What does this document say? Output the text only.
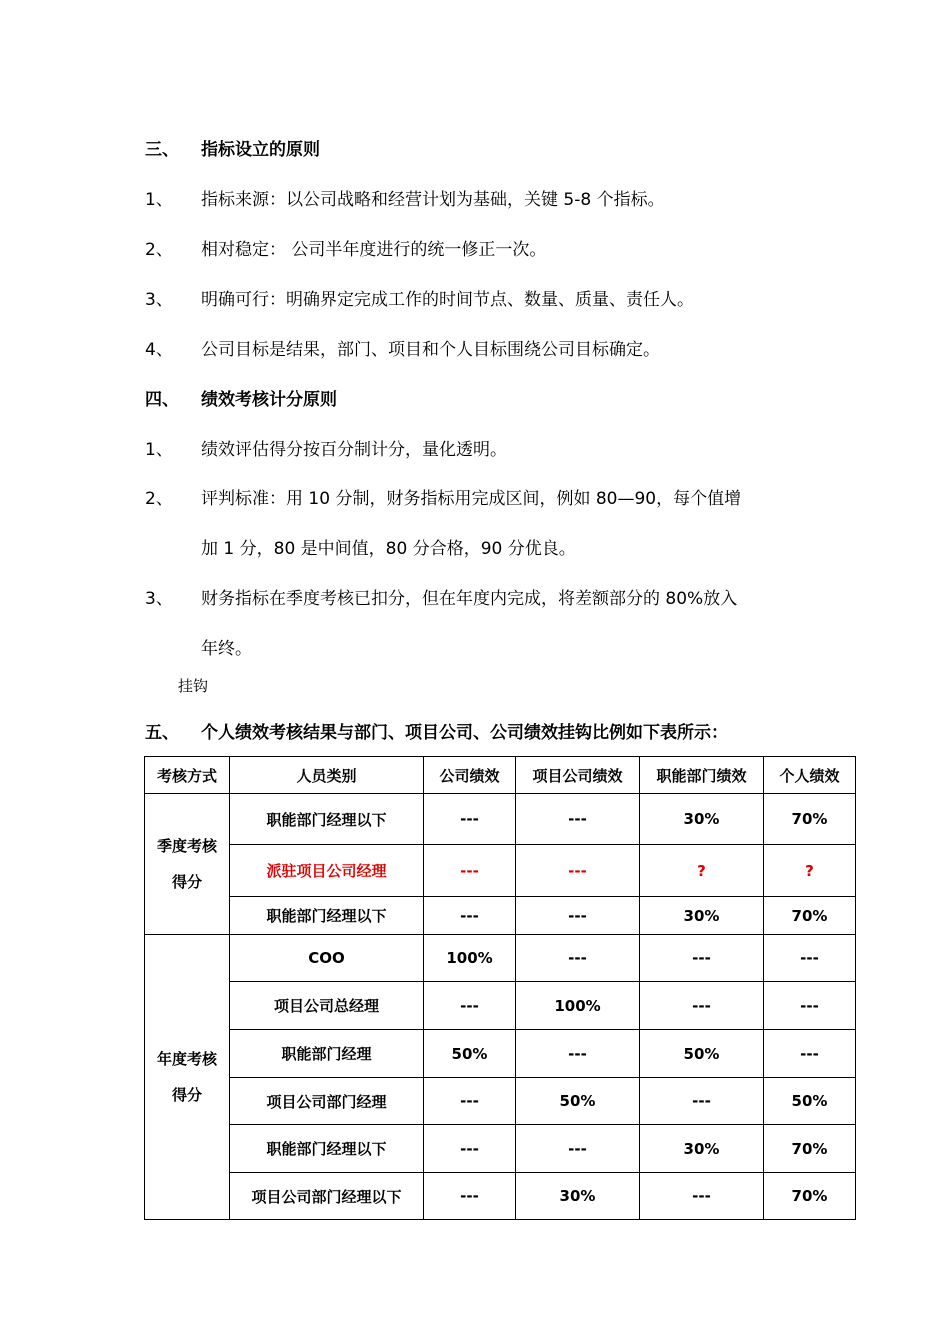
三、 指标设立的原则
1、 指标来源：以公司战略和经营计划为基础，关键 5-8 个指标。
2、 相对稳定： 公司半年度进行的统一修正一次。
3、 明确可行：明确界定完成工作的时间节点、数量、质量、责任人。
4、 公司目标是结果，部门、项目和个人目标围绕公司目标确定。
四、 绩效考核计分原则
1、 绩效评估得分按百分制计分，量化透明。
2、 评判标准：用 10 分制，财务指标用完成区间，例如 80—90，每个值增
加 1 分，80 是中间值，80 分合格，90 分优良。
3、 财务指标在季度考核已扣分，但在年度内完成，将差额部分的 80%放入
年终。
挂钩
五、 个人绩效考核结果与部门、项目公司、公司绩效挂钩比例如下表所示：
考核方式	人员类别	公司绩效	项目公司绩效	职能部门绩效	个人绩效

季度考核
得分	职能部门经理以下	---	---	30%	70%
	派驻项目公司经理	---	---	?	?
	职能部门经理以下	---	---	30%	70%

年度考核
得分	COO	100%	---	---	---
	项目公司总经理	---	100%	---	---
	职能部门经理	50%	---	50%	---
	项目公司部门经理	---	50%	---	50%
	职能部门经理以下	---	---	30%	70%
	项目公司部门经理以下	---	30%	---	70%
